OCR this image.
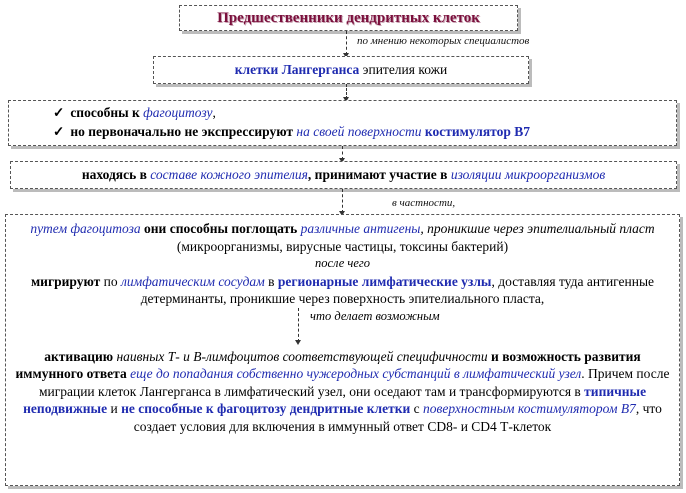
Предшественники дендритных клеток
по мнению некоторых специалистов
клетки Лангерганса эпителия кожи
✓ способны к фагоцитозу,
✓ но первоначально не экспрессируют на своей поверхности костимулятор В7
находясь в составе кожного эпителия, принимают участие в изоляции микроорганизмов
в частности,
путем фагоцитоза они способны поглощать различные антигены, проникшие через эпителиальный пласт (микроорганизмы, вирусные частицы, токсины бактерий)
после чего
мигрируют по лимфатическим сосудам в регионарные лимфатические узлы, доставляя туда антигенные детерминанты, проникшие через поверхность эпителиального пласта,
что делает возможным
активацию наивных Т- и В-лимфоцитов соответствующей специфичности и возможность развития иммунного ответа еще до попадания собственно чужеродных субстанций в лимфатический узел. Причем после миграции клеток Лангерганса в лимфатический узел, они оседают там и трансформируются в типичные неподвижные и не способные к фагоцитозу дендритные клетки с поверхностным костимулятором В7, что создает условия для включения в иммунный ответ CD8- и CD4 Т-клеток
